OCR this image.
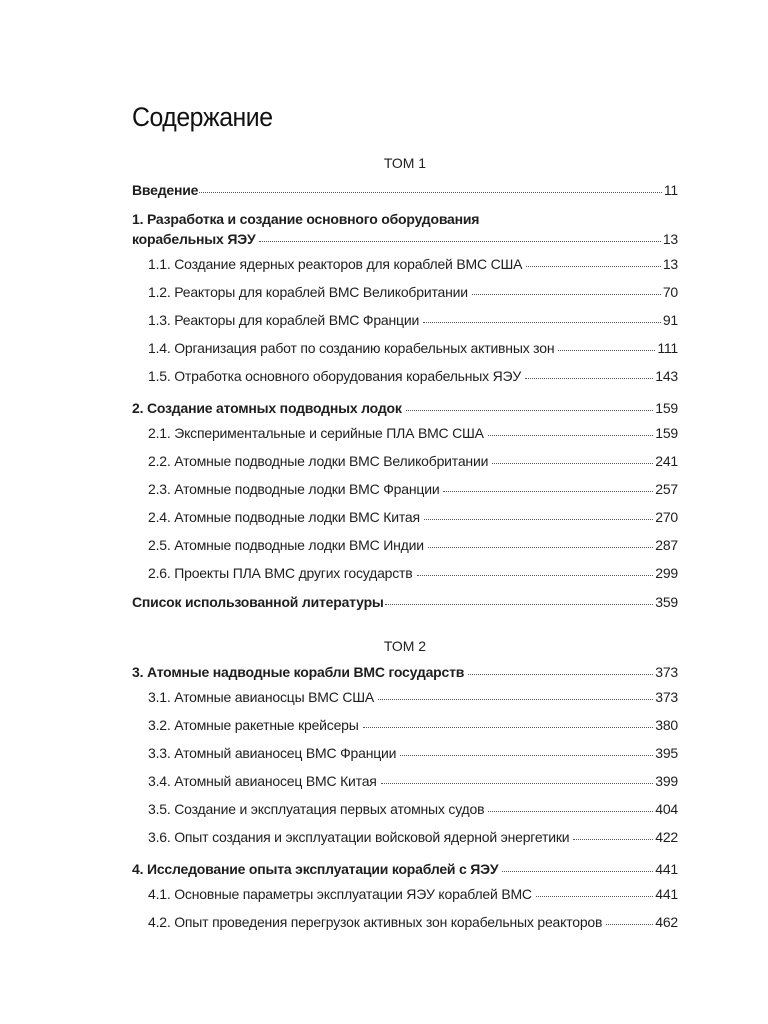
Содержание
ТОМ 1
Введение	11
1. Разработка и создание основного оборудования
корабельных ЯЭУ	13
1.1. Создание ядерных реакторов для кораблей ВМС США	13
1.2. Реакторы для кораблей ВМС Великобритании	70
1.3. Реакторы для кораблей ВМС Франции	91
1.4. Организация работ по созданию корабельных активных зон	111
1.5. Отработка основного оборудования корабельных ЯЭУ	143
2. Создание атомных подводных лодок	159
2.1. Экспериментальные и серийные ПЛА ВМС США	159
2.2. Атомные подводные лодки ВМС Великобритании	241
2.3. Атомные подводные лодки ВМС Франции	257
2.4. Атомные подводные лодки ВМС Китая	270
2.5. Атомные подводные лодки ВМС Индии	287
2.6. Проекты ПЛА ВМС других государств	299
Список использованной литературы	359
ТОМ 2
3. Атомные надводные корабли ВМС государств	373
3.1. Атомные авианосцы ВМС США	373
3.2. Атомные ракетные крейсеры	380
3.3. Атомный авианосец ВМС Франции	395
3.4. Атомный авианосец ВМС Китая	399
3.5. Создание и эксплуатация первых атомных судов	404
3.6. Опыт создания и эксплуатации войсковой ядерной энергетики	422
4. Исследование опыта эксплуатации кораблей с ЯЭУ	441
4.1. Основные параметры эксплуатации ЯЭУ кораблей ВМС	441
4.2. Опыт проведения перегрузок активных зон корабельных реакторов	462
